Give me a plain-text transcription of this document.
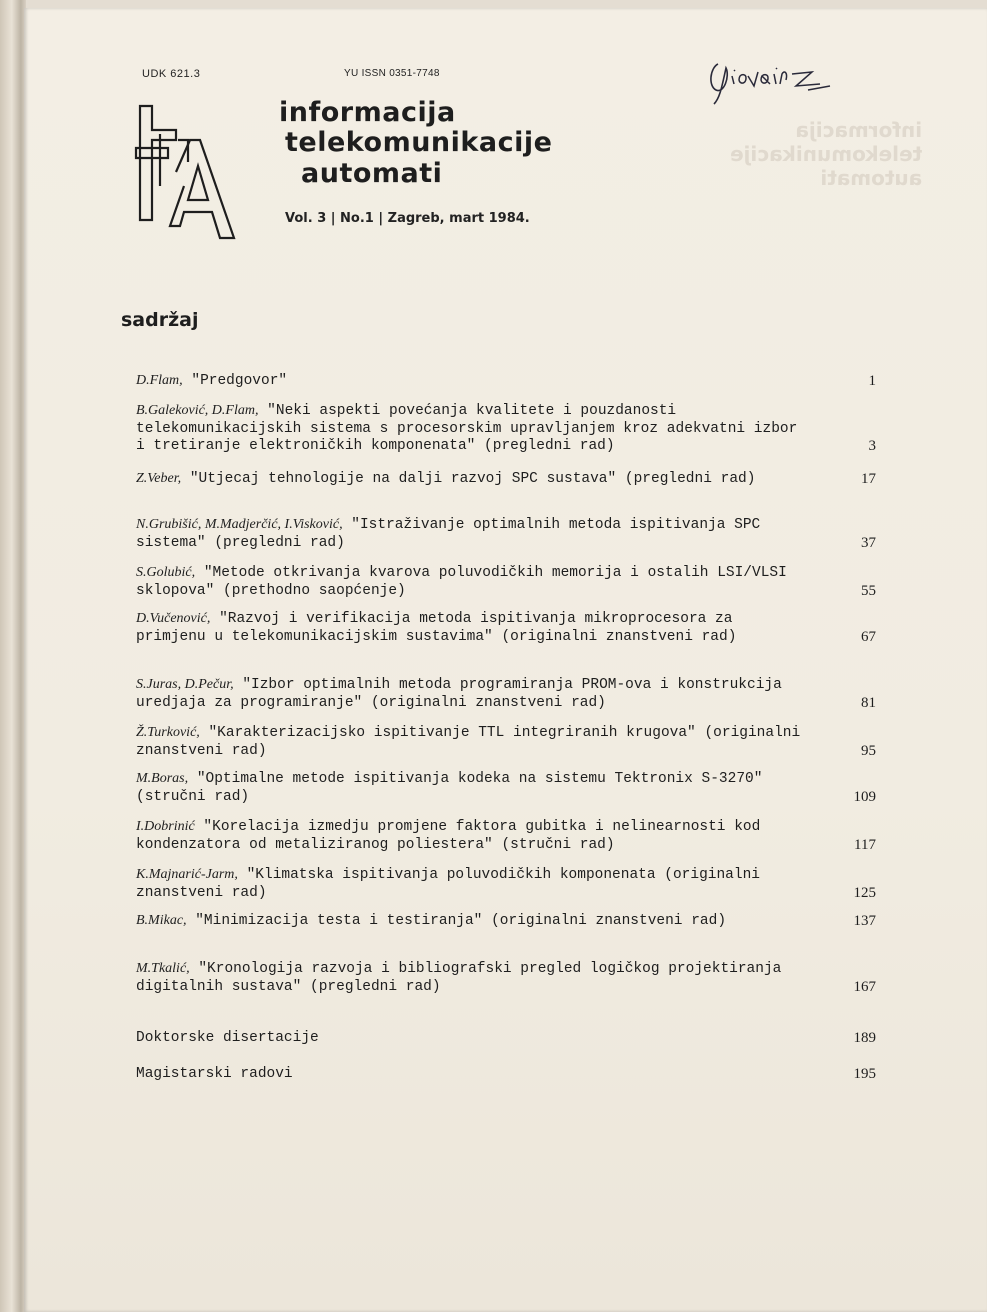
informacija
telekomunikacije
automati
UDK 621.3	YU ISSN 0351-7748
informacija
telekomunikacije
automati
Vol. 3 | No.1 | Zagreb, mart 1984.
sadržaj
D.Flam, "Predgovor"	1
B.Galeković, D.Flam, "Neki aspekti povećanja kvalitete i pouzdanosti telekomunikacijskih sistema s procesorskim upravljanjem kroz adekvatni izbor i tretiranje elektroničkih komponenata" (pregledni rad)	3
Z.Veber, "Utjecaj tehnologije na dalji razvoj SPC sustava" (pregledni rad)	17
N.Grubišić, M.Madjerčić, I.Visković, "Istraživanje optimalnih metoda ispitivanja SPC sistema" (pregledni rad)	37
S.Golubić, "Metode otkrivanja kvarova poluvodičkih memorija i ostalih LSI/VLSI sklopova" (prethodno saopćenje)	55
D.Vučenović, "Razvoj i verifikacija metoda ispitivanja mikroprocesora za primjenu u telekomunikacijskim sustavima" (originalni znanstveni rad)	67
S.Juras, D.Pečur, "Izbor optimalnih metoda programiranja PROM-ova i konstrukcija uredjaja za programiranje" (originalni znanstveni rad)	81
Ž.Turković, "Karakterizacijsko ispitivanje TTL integriranih krugova" (originalni znanstveni rad)	95
M.Boras, "Optimalne metode ispitivanja kodeka na sistemu Tektronix S-3270" (stručni rad)	109
I.Dobrinić "Korelacija izmedju promjene faktora gubitka i nelinearnosti kod kondenzatora od metaliziranog poliestera" (stručni rad)	117
K.Majnarić-Jarm, "Klimatska ispitivanja poluvodičkih komponenata (originalni znanstveni rad)	125
B.Mikac, "Minimizacija testa i testiranja" (originalni znanstveni rad)	137
M.Tkalić, "Kronologija razvoja i bibliografski pregled logičkog projektiranja digitalnih sustava" (pregledni rad)	167
Doktorske disertacije	189
Magistarski radovi	195
